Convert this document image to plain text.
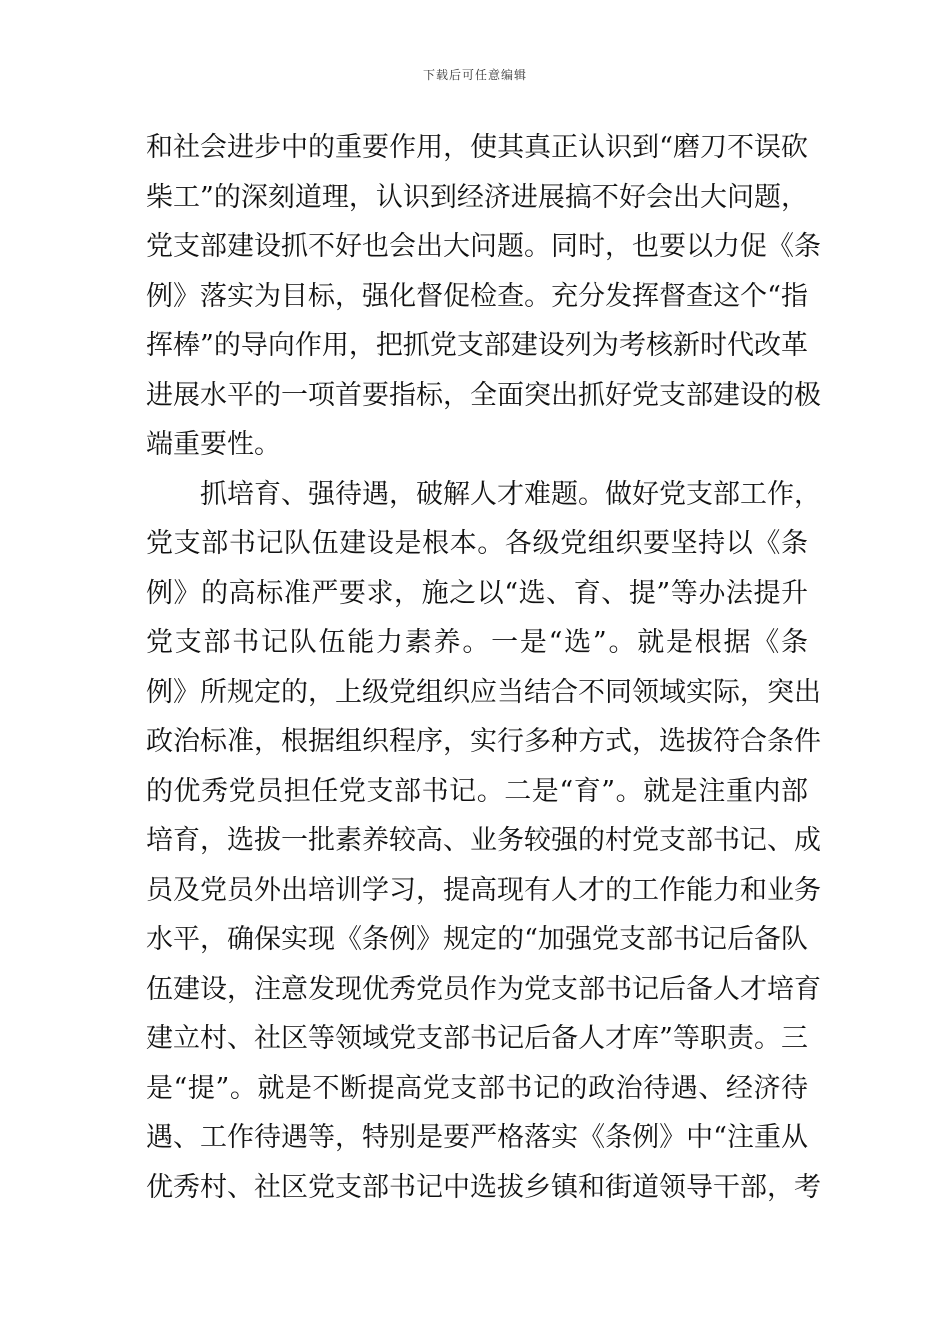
下载后可任意编辑
和社会进步中的重要作用，使其真正认识到“磨刀不误砍
柴工”的深刻道理，认识到经济进展搞不好会出大问题，
党支部建设抓不好也会出大问题。同时，也要以力促《条
例》落实为目标，强化督促检查。充分发挥督查这个“指
挥棒”的导向作用，把抓党支部建设列为考核新时代改革
进展水平的一项首要指标，全面突出抓好党支部建设的极
端重要性。
抓培育、强待遇，破解人才难题。做好党支部工作，
党支部书记队伍建设是根本。各级党组织要坚持以《条
例》的高标准严要求，施之以“选、育、提”等办法提升
党支部书记队伍能力素养。一是“选”。就是根据《条
例》所规定的，上级党组织应当结合不同领域实际，突出
政治标准，根据组织程序，实行多种方式，选拔符合条件
的优秀党员担任党支部书记。二是“育”。就是注重内部
培育，选拔一批素养较高、业务较强的村党支部书记、成
员及党员外出培训学习，提高现有人才的工作能力和业务
水平，确保实现《条例》规定的“加强党支部书记后备队
伍建设，注意发现优秀党员作为党支部书记后备人才培育
建立村、社区等领域党支部书记后备人才库”等职责。三
是“提”。就是不断提高党支部书记的政治待遇、经济待
遇、工作待遇等，特别是要严格落实《条例》中“注重从
优秀村、社区党支部书记中选拔乡镇和街道领导干部，考
